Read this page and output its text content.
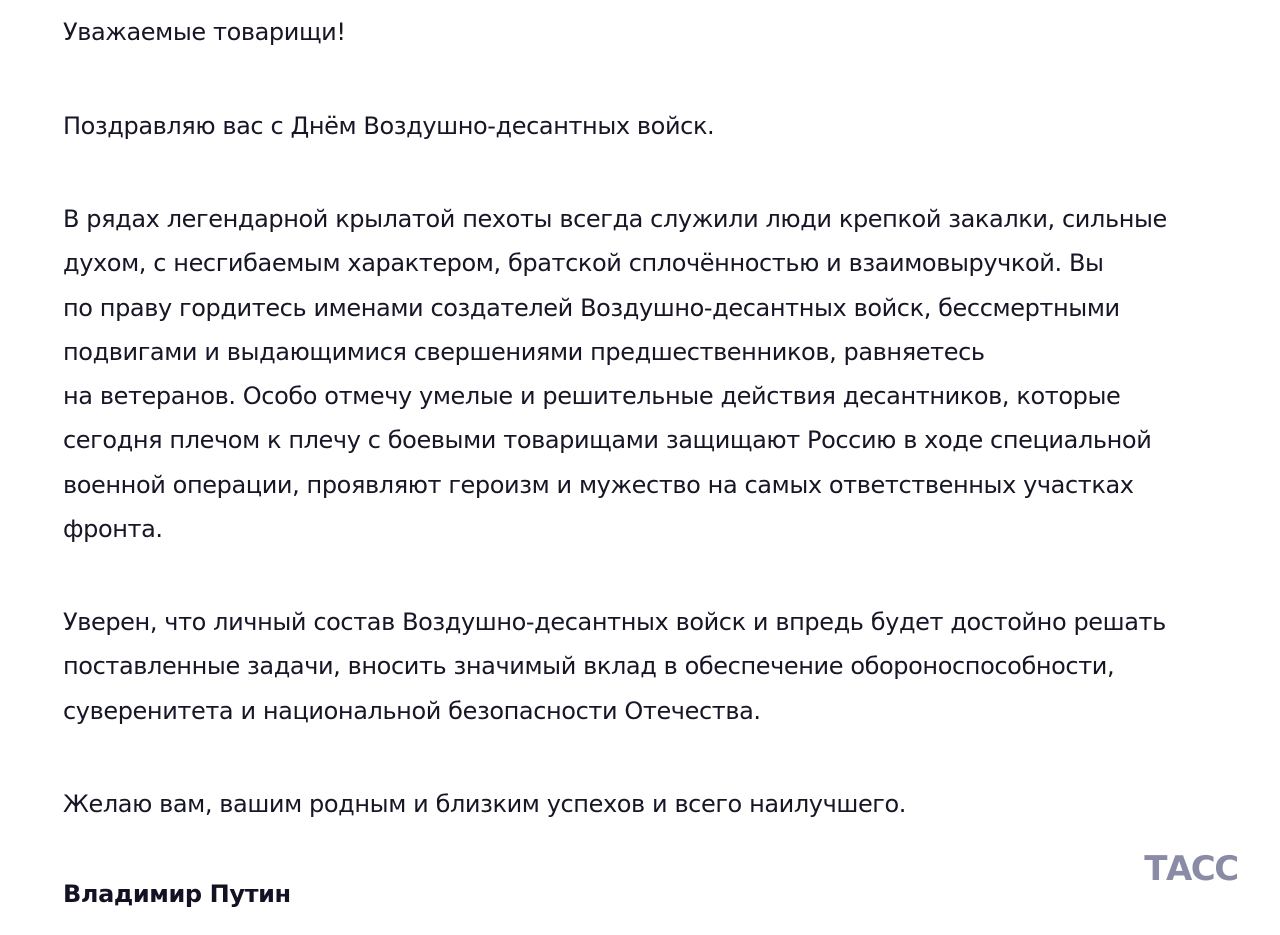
Уважаемые товарищи!

Поздравляю вас с Днём Воздушно-десантных войск.

В рядах легендарной крылатой пехоты всегда служили люди крепкой закалки, сильные
духом, с несгибаемым характером, братской сплочённостью и взаимовыручкой. Вы
по праву гордитесь именами создателей Воздушно-десантных войск, бессмертными
подвигами и выдающимися свершениями предшественников, равняетесь
на ветеранов. Особо отмечу умелые и решительные действия десантников, которые
сегодня плечом к плечу с боевыми товарищами защищают Россию в ходе специальной
военной операции, проявляют героизм и мужество на самых ответственных участках
фронта.

Уверен, что личный состав Воздушно-десантных войск и впредь будет достойно решать
поставленные задачи, вносить значимый вклад в обеспечение обороноспособности,
суверенитета и национальной безопасности Отечества.

Желаю вам, вашим родным и близким успехов и всего наилучшего.

Владимир Путин

ТАСС
